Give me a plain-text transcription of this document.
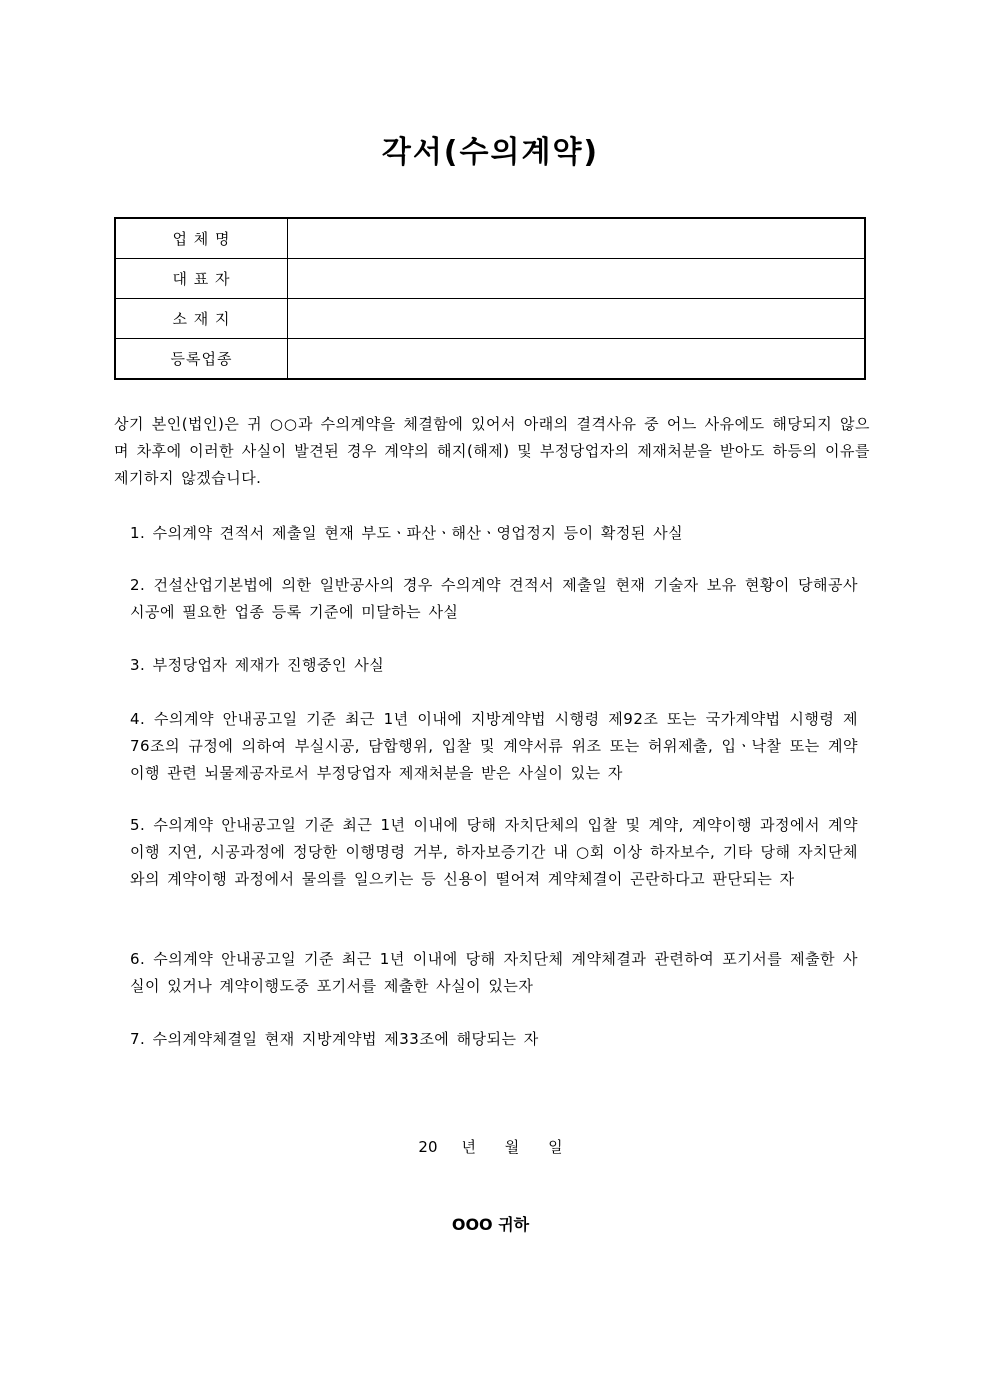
각서(수의계약)
업 체 명	
대 표 자	
소 재 지	
등록업종	
상기 본인(법인)은 귀 ○○과 수의계약을 체결함에 있어서 아래의 결격사유 중 어느 사유에도 해당되지 않으며 차후에 이러한 사실이 발견된 경우 계약의 해지(해제) 및 부정당업자의 제재처분을 받아도 하등의 이유를 제기하지 않겠습니다.
1. 수의계약 견적서 제출일 현재 부도ㆍ파산ㆍ해산ㆍ영업정지 등이 확정된 사실
2. 건설산업기본법에 의한 일반공사의 경우 수의계약 견적서 제출일 현재 기술자 보유 현황이 당해공사 시공에 필요한 업종 등록 기준에 미달하는 사실
3. 부정당업자 제재가 진행중인 사실
4. 수의계약 안내공고일 기준 최근 1년 이내에 지방계약법 시행령 제92조 또는 국가계약법 시행령 제76조의 규정에 의하여 부실시공, 담합행위, 입찰 및 계약서류 위조 또는 허위제출, 입ㆍ낙찰 또는 계약이행 관련 뇌물제공자로서 부정당업자 제재처분을 받은 사실이 있는 자
5. 수의계약 안내공고일 기준 최근 1년 이내에 당해 자치단체의 입찰 및 계약, 계약이행 과정에서 계약이행 지연, 시공과정에 정당한 이행명령 거부, 하자보증기간 내 ○회 이상 하자보수, 기타 당해 자치단체와의 계약이행 과정에서 물의를 일으키는 등 신용이 떨어져 계약체결이 곤란하다고 판단되는 자
6. 수의계약 안내공고일 기준 최근 1년 이내에 당해 자치단체 계약체결과 관련하여 포기서를 제출한 사실이 있거나 계약이행도중 포기서를 제출한 사실이 있는자
7. 수의계약체결일 현재 지방계약법 제33조에 해당되는 자
20 년 월 일
OOO 귀하
